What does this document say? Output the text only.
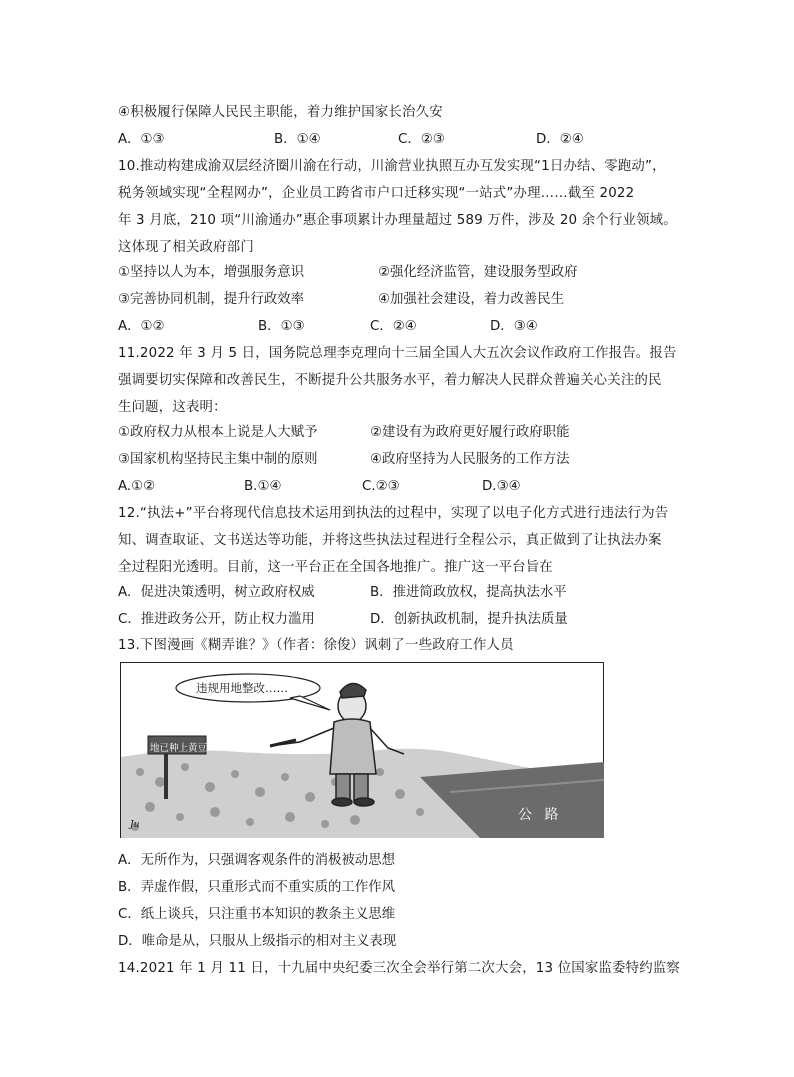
④积极履行保障人民民主职能，着力维护国家长治久安
A．①③	B．①④	C．②③	D．②④
10.推动构建成渝双层经济圈川渝在行动，川渝营业执照互办互发实现“1日办结、零跑动”，
税务领域实现“全程网办”，企业员工跨省市户口迁移实现“一站式”办理……截至 2022
年 3 月底，210 项“川渝通办”惠企事项累计办理量超过 589 万件，涉及 20 余个行业领域。
这体现了相关政府部门
①坚持以人为本，增强服务意识	②强化经济监管，建设服务型政府
③完善协同机制，提升行政效率	④加强社会建设，着力改善民生
A．①②	B．①③	C．②④	D．③④
11.2022 年 3 月 5 日，国务院总理李克理向十三届全国人大五次会议作政府工作报告。报告
强调要切实保障和改善民生，不断提升公共服务水平，着力解决人民群众普遍关心关注的民
生问题，这表明：
①政府权力从根本上说是人大赋予	②建设有为政府更好履行政府职能
③国家机构坚持民主集中制的原则	④政府坚持为人民服务的工作方法
A.①②	B.①④	C.②③	D.③④
12.“执法+”平台将现代信息技术运用到执法的过程中，实现了以电子化方式进行违法行为告
知、调查取证、文书送达等功能，并将这些执法过程进行全程公示，真正做到了让执法办案
全过程阳光透明。目前，这一平台正在全国各地推广。推广这一平台旨在
A．促进决策透明，树立政府权威	B．推进简政放权，提高执法水平
C．推进政务公开，防止权力滥用	D．创新执政机制，提升执法质量
13.下图漫画《糊弄谁？》（作者：徐俊）讽刺了一些政府工作人员
违规用地整改……
地已种上黄豆
公 路
Ju
A．无所作为，只强调客观条件的消极被动思想
B．弄虚作假，只重形式而不重实质的工作作风
C．纸上谈兵，只注重书本知识的教条主义思维
D．唯命是从，只服从上级指示的相对主义表现
14.2021 年 1 月 11 日，十九届中央纪委三次全会举行第二次大会，13 位国家监委特约监察
